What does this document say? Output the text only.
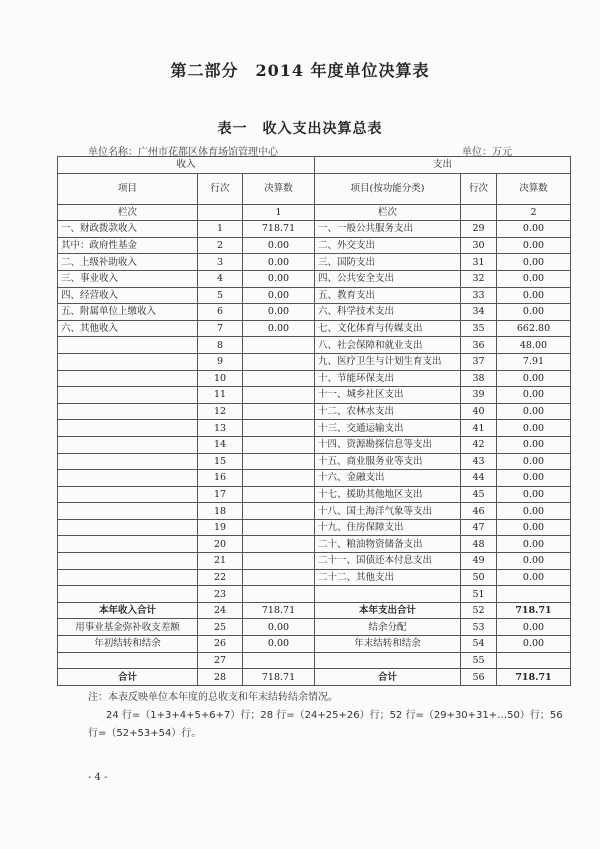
第二部分　2014 年度单位决算表
表一　收入支出决算总表
单位名称：广州市花都区体育场馆管理中心	单位：万元
收入			支出		
项目	行次	决算数	项目(按功能分类)	行次	决算数
栏次		1	栏次		2
一、财政拨款收入	1	718.71	一、一般公共服务支出	29	0.00
其中：政府性基金	2	0.00	二、外交支出	30	0.00
二、上级补助收入	3	0.00	三、国防支出	31	0.00
三、事业收入	4	0.00	四、公共安全支出	32	0.00
四、经营收入	5	0.00	五、教育支出	33	0.00
五、附属单位上缴收入	6	0.00	六、科学技术支出	34	0.00
六、其他收入	7	0.00	七、文化体育与传媒支出	35	662.80
	8		八、社会保障和就业支出	36	48.00
	9		九、医疗卫生与计划生育支出	37	7.91
	10		十、节能环保支出	38	0.00
	11		十一、城乡社区支出	39	0.00
	12		十二、农林水支出	40	0.00
	13		十三、交通运输支出	41	0.00
	14		十四、资源勘探信息等支出	42	0.00
	15		十五、商业服务业等支出	43	0.00
	16		十六、金融支出	44	0.00
	17		十七、援助其他地区支出	45	0.00
	18		十八、国土海洋气象等支出	46	0.00
	19		十九、住房保障支出	47	0.00
	20		二十、粮油物资储备支出	48	0.00
	21		二十一、国债还本付息支出	49	0.00
	22		二十二、其他支出	50	0.00
	23			51	
本年收入合计	24	718.71	本年支出合计	52	718.71
用事业基金弥补收支差额	25	0.00	结余分配	53	0.00
年初结转和结余	26	0.00	年末结转和结余	54	0.00
	27			55	
合计	28	718.71	合计	56	718.71
注：本表反映单位本年度的总收支和年末结转结余情况。
24 行=（1+3+4+5+6+7）行；28 行=（24+25+26）行；52 行=（29+30+31+…50）行；56
行=（52+53+54）行。
- 4 -
